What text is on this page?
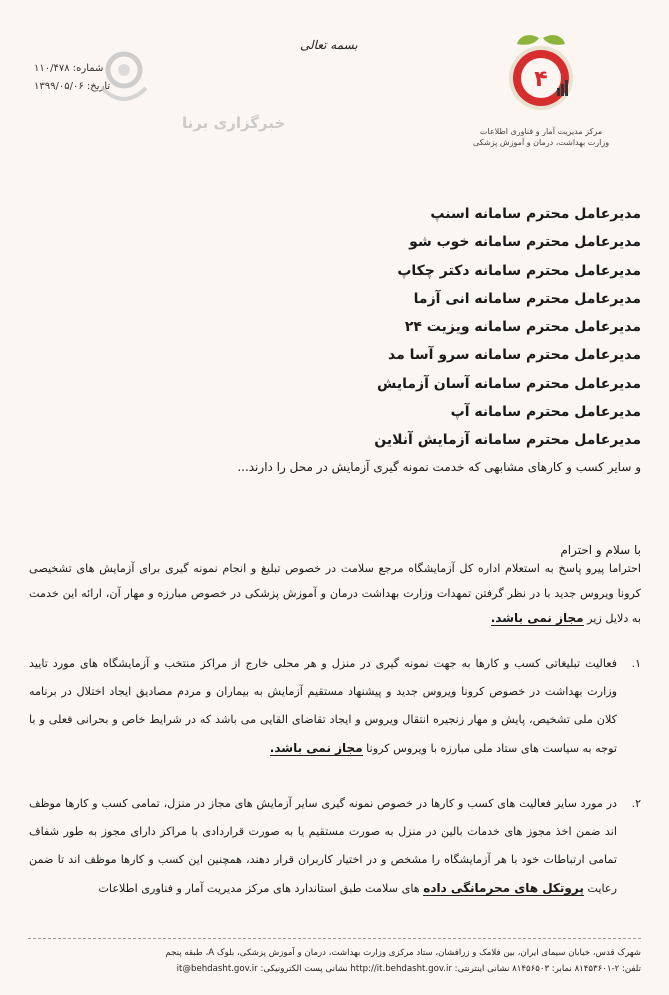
۴
مرکز مدیریت آمار و فناوری اطلاعات
وزارت بهداشت، درمان و آموزش پزشکی
بسمه تعالی
شماره: ۱۱۰/۴۷۸
تاریخ: ۱۳۹۹/۰۵/۰۶
خبرگزاری برنا
مدیرعامل محترم سامانه اسنپ
مدیرعامل محترم سامانه خوب شو
مدیرعامل محترم سامانه دکتر چکاپ
مدیرعامل محترم سامانه انی آزما
مدیرعامل محترم سامانه ویزیت ۲۴
مدیرعامل محترم سامانه سرو آسا مد
مدیرعامل محترم سامانه آسان آزمایش
مدیرعامل محترم سامانه آپ
مدیرعامل محترم سامانه آزمایش آنلاین
و سایر کسب و کارهای مشابهی که خدمت نمونه گیری آزمایش در محل را دارند...
با سلام و احترام
احتراما پیرو پاسخ به استعلام اداره کل آزمایشگاه مرجع سلامت در خصوص تبلیغ و انجام نمونه گیری برای آزمایش های تشخیصی کرونا ویروس جدید با در نظر گرفتن تمهدات وزارت بهداشت درمان و آموزش پزشکی در خصوص مبارزه و مهار آن، ارائه این خدمت به دلایل زیر مجاز نمی باشد.
۱.
فعالیت تبلیغاتی کسب و کارها به جهت نمونه گیری در منزل و هر محلی خارج از مراکز منتخب و آزمایشگاه های مورد تایید وزارت بهداشت در خصوص کرونا ویروس جدید و پیشنهاد مستقیم آزمایش به بیماران و مردم مصادیق ایجاد اختلال در برنامه کلان ملی تشخیص، پایش و مهار زنجیره انتقال ویروس و ایجاد تقاضای القایی می باشد که در شرایط خاص و بحرانی فعلی و با توجه به سیاست های ستاد ملی مبارزه با ویروس کرونا مجاز نمی باشد.
۲.
در مورد سایر فعالیت های کسب و کارها در خصوص نمونه گیری سایر آزمایش های مجاز در منزل، تمامی کسب و کارها موظف اند ضمن اخذ مجوز های خدمات بالین در منزل به صورت مستقیم یا به صورت قراردادی با مراکز دارای مجوز به طور شفاف تمامی ارتباطات خود با هر آزمایشگاه را مشخص و در اختیار کاربران قرار دهند، همچنین این کسب و کارها موظف اند تا ضمن رعایت پروتکل های محرمانگی داده های سلامت طبق استاندارد های مرکز مدیریت آمار و فناوری اطلاعات
شهرک قدس، خیابان سیمای ایران، بین فلامک و زرافشان، ستاد مرکزی وزارت بهداشت، درمان و آموزش پزشکی، بلوک A، طبقه پنجم
تلفن: ۲-۸۱۴۵۳۶۰۱ نمابر: ۸۱۴۵۶۵۰۳ نشانی اینترنتی: http://it.behdasht.gov.ir نشانی پست الکترونیکی: it@behdasht.gov.ir
